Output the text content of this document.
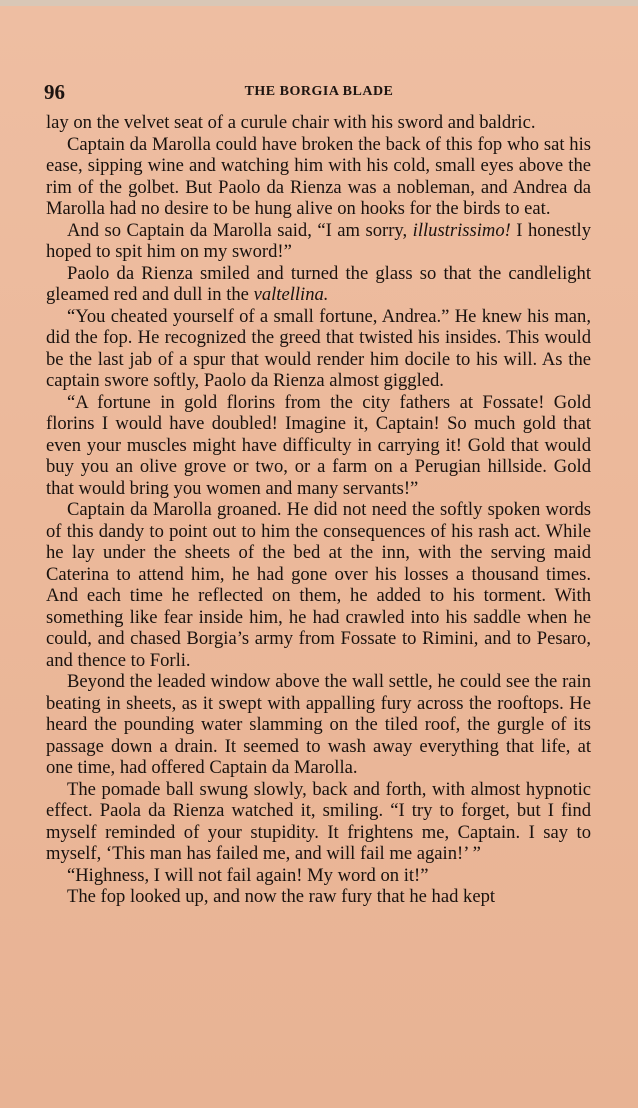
96	THE BORGIA BLADE

lay on the velvet seat of a curule chair with his sword and baldric.

Captain da Marolla could have broken the back of this fop who sat his ease, sipping wine and watching him with his cold, small eyes above the rim of the golbet. But Paolo da Rienza was a nobleman, and Andrea da Marolla had no desire to be hung alive on hooks for the birds to eat.

And so Captain da Marolla said, “I am sorry, illustrissimo! I honestly hoped to spit him on my sword!”

Paolo da Rienza smiled and turned the glass so that the candlelight gleamed red and dull in the valtellina.

“You cheated yourself of a small fortune, Andrea.” He knew his man, did the fop. He recognized the greed that twisted his insides. This would be the last jab of a spur that would render him docile to his will. As the captain swore softly, Paolo da Rienza almost giggled.

“A fortune in gold florins from the city fathers at Fossate! Gold florins I would have doubled! Imagine it, Captain! So much gold that even your muscles might have difficulty in carrying it! Gold that would buy you an olive grove or two, or a farm on a Perugian hillside. Gold that would bring you women and many servants!”

Captain da Marolla groaned. He did not need the softly spoken words of this dandy to point out to him the consequences of his rash act. While he lay under the sheets of the bed at the inn, with the serving maid Caterina to attend him, he had gone over his losses a thousand times. And each time he reflected on them, he added to his torment. With something like fear inside him, he had crawled into his saddle when he could, and chased Borgia’s army from Fossate to Rimini, and to Pesaro, and thence to Forli.

Beyond the leaded window above the wall settle, he could see the rain beating in sheets, as it swept with appalling fury across the rooftops. He heard the pounding water slamming on the tiled roof, the gurgle of its passage down a drain. It seemed to wash away everything that life, at one time, had offered Captain da Marolla.

The pomade ball swung slowly, back and forth, with almost hypnotic effect. Paola da Rienza watched it, smiling. “I try to forget, but I find myself reminded of your stupidity. It frightens me, Captain. I say to myself, ‘This man has failed me, and will fail me again!’ ”

“Highness, I will not fail again! My word on it!”

The fop looked up, and now the raw fury that he had kept
